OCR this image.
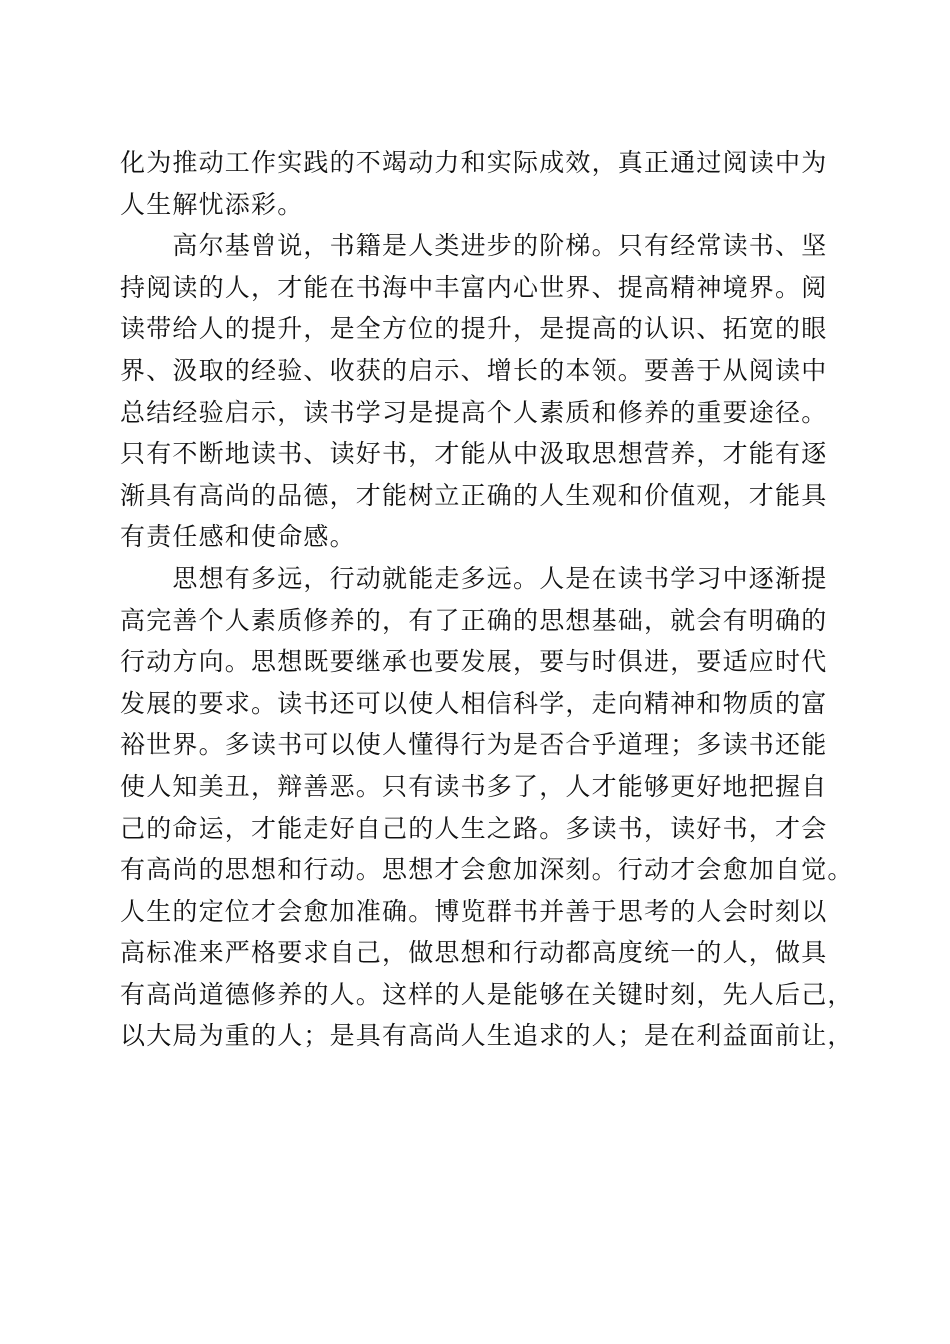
化为推动工作实践的不竭动力和实际成效，真正通过阅读中为
人生解忧添彩。
　　高尔基曾说，书籍是人类进步的阶梯。只有经常读书、坚
持阅读的人，才能在书海中丰富内心世界、提高精神境界。阅
读带给人的提升，是全方位的提升，是提高的认识、拓宽的眼
界、汲取的经验、收获的启示、增长的本领。要善于从阅读中
总结经验启示，读书学习是提高个人素质和修养的重要途径。
只有不断地读书、读好书，才能从中汲取思想营养，才能有逐
渐具有高尚的品德，才能树立正确的人生观和价值观，才能具
有责任感和使命感。
　　思想有多远，行动就能走多远。人是在读书学习中逐渐提
高完善个人素质修养的，有了正确的思想基础，就会有明确的
行动方向。思想既要继承也要发展，要与时俱进，要适应时代
发展的要求。读书还可以使人相信科学，走向精神和物质的富
裕世界。多读书可以使人懂得行为是否合乎道理；多读书还能
使人知美丑，辩善恶。只有读书多了，人才能够更好地把握自
己的命运，才能走好自己的人生之路。多读书，读好书，才会
有高尚的思想和行动。思想才会愈加深刻。行动才会愈加自觉。
人生的定位才会愈加准确。博览群书并善于思考的人会时刻以
高标准来严格要求自己，做思想和行动都高度统一的人，做具
有高尚道德修养的人。这样的人是能够在关键时刻，先人后己，
以大局为重的人；是具有高尚人生追求的人；是在利益面前让，
